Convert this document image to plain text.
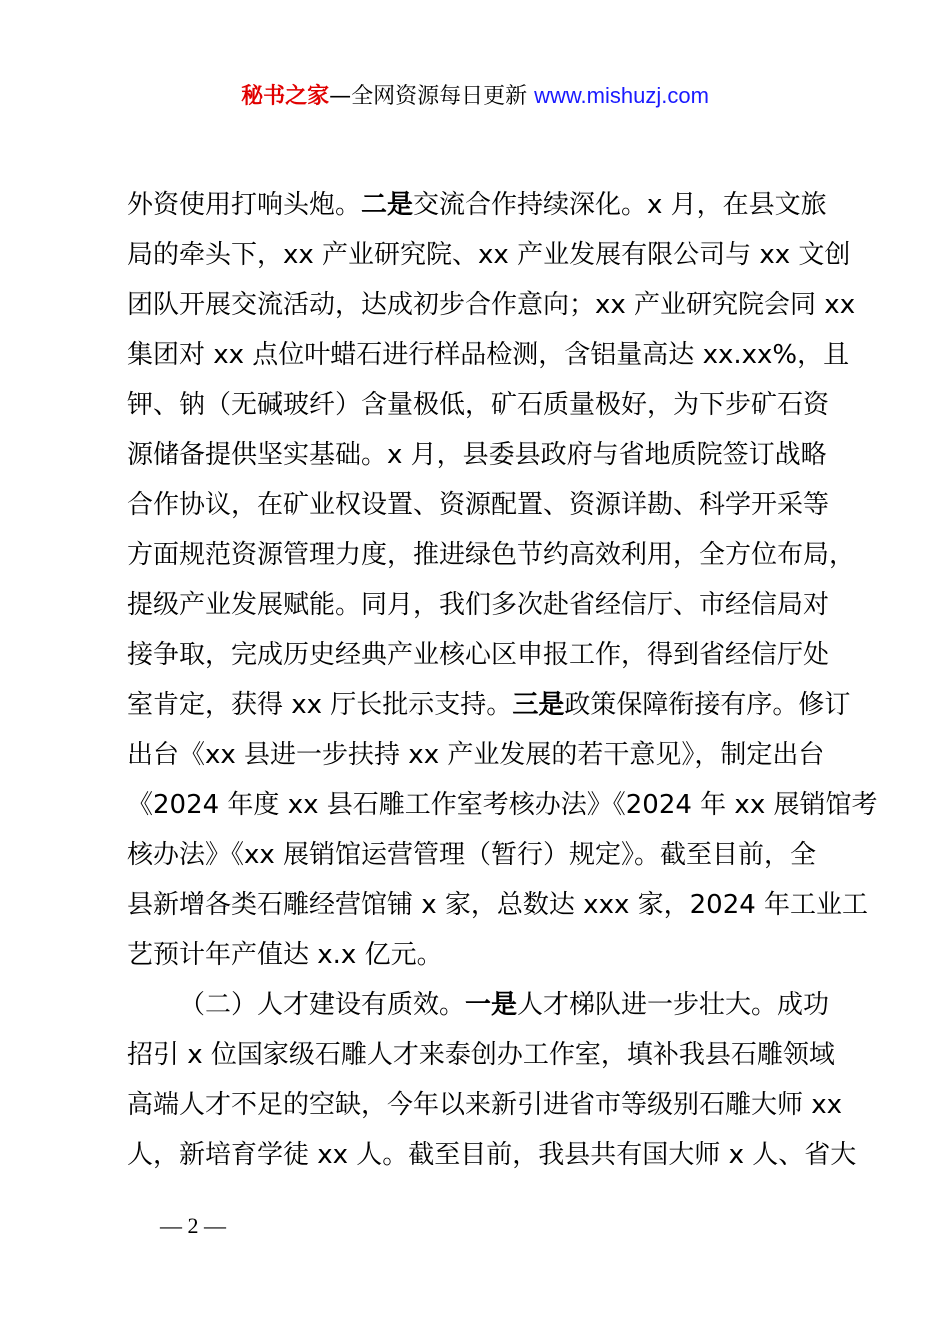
秘书之家—全网资源每日更新 www.mishuzj.com
外资使用打响头炮。二是交流合作持续深化。x 月，在县文旅
局的牵头下，xx 产业研究院、xx 产业发展有限公司与 xx 文创
团队开展交流活动，达成初步合作意向；xx 产业研究院会同 xx
集团对 xx 点位叶蜡石进行样品检测，含铝量高达 xx.xx%，且
钾、钠（无碱玻纤）含量极低，矿石质量极好，为下步矿石资
源储备提供坚实基础。x 月，县委县政府与省地质院签订战略
合作协议，在矿业权设置、资源配置、资源详勘、科学开采等
方面规范资源管理力度，推进绿色节约高效利用，全方位布局，
提级产业发展赋能。同月，我们多次赴省经信厅、市经信局对
接争取，完成历史经典产业核心区申报工作，得到省经信厅处
室肯定，获得 xx 厅长批示支持。三是政策保障衔接有序。修订
出台《xx 县进一步扶持 xx 产业发展的若干意见》，制定出台
《2024 年度 xx 县石雕工作室考核办法》《2024 年 xx 展销馆考
核办法》《xx 展销馆运营管理（暂行）规定》。截至目前，全
县新增各类石雕经营馆铺 x 家，总数达 xxx 家，2024 年工业工
艺预计年产值达 x.x 亿元。
（二）人才建设有质效。一是人才梯队进一步壮大。成功
招引 x 位国家级石雕人才来泰创办工作室，填补我县石雕领域
高端人才不足的空缺，今年以来新引进省市等级别石雕大师 xx
人，新培育学徒 xx 人。截至目前，我县共有国大师 x 人、省大
— 2 —
